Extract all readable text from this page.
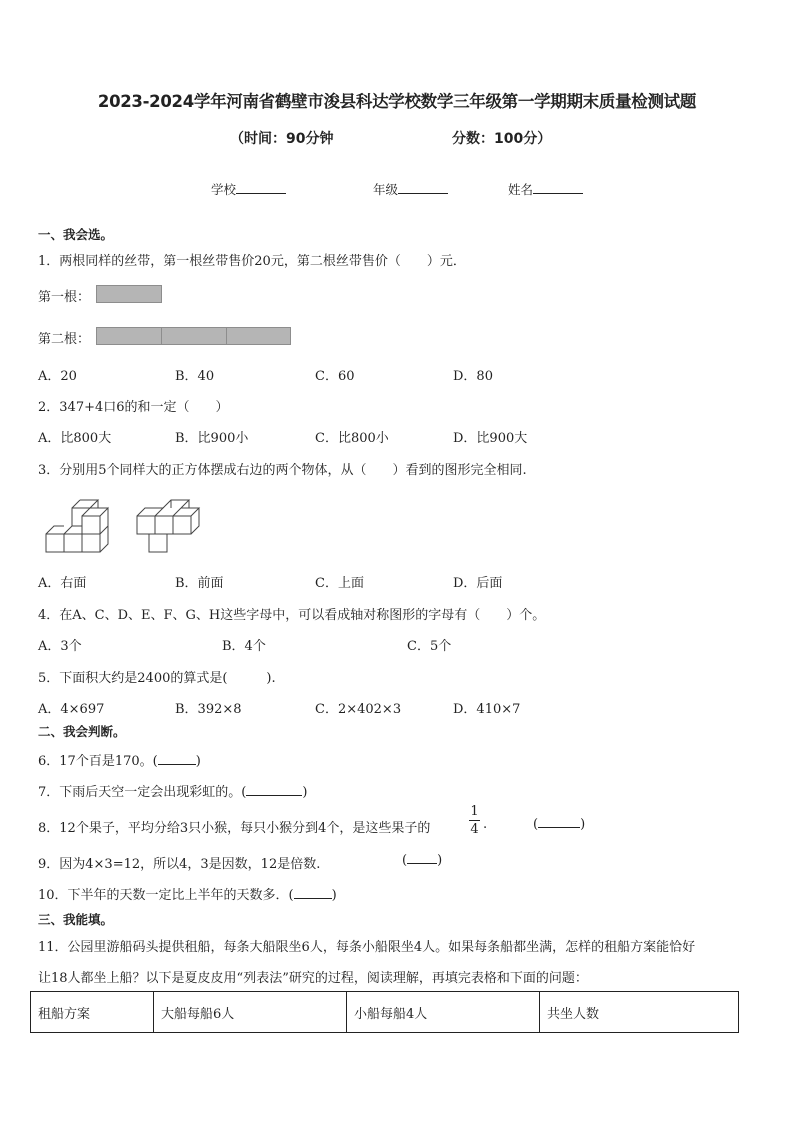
2023-2024学年河南省鹤壁市浚县科达学校数学三年级第一学期期末质量检测试题
（时间：90分钟	分数：100分）
学校	年级	姓名
一、我会选。
1．两根同样的丝带，第一根丝带售价20元，第二根丝带售价（　　）元．
第一根：
第二根：
A．20	B．40	C．60	D．80
2．347+4口6的和一定（　　）
A．比800大	B．比900小	C．比800小	D．比900大
3．分别用5个同样大的正方体摆成右边的两个物体，从（　　）看到的图形完全相同.
A．右面	B．前面	C．上面	D．后面
4．在A、C、D、E、F、G、H这些字母中，可以看成轴对称图形的字母有（　　）个。
A．3个	B．4个	C．5个
5．下面积大约是2400的算式是(　　　).
A．4×697	B．392×8	C．2×402×3	D．410×7
二、我会判断。
6．17个百是170。(	)
7．下雨后天空一定会出现彩虹的。(	)
8．12个果子，平均分给3只小猴，每只小猴分到4个，是这些果子的
1
4 .	(	)
9．因为4×3=12，所以4，3是因数，12是倍数.	( )
10．下半年的天数一定比上半年的天数多．(	)
三、我能填。
11．公园里游船码头提供租船，每条大船限坐6人，每条小船限坐4人。如果每条船都坐满，怎样的租船方案能恰好
让18人都坐上船？以下是夏皮皮用“列表法”研究的过程，阅读理解，再填完表格和下面的问题：
租船方案	大船每船6人	小船每船4人	共坐人数
